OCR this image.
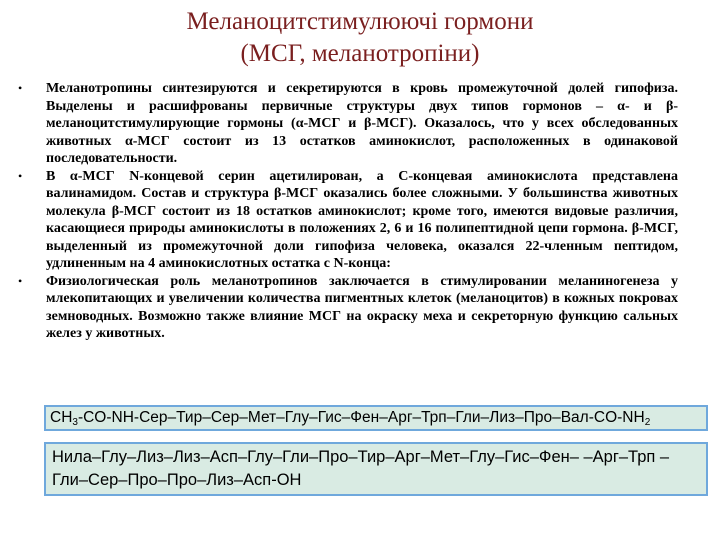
Меланоцитстимулюючі гормони
(МСГ, меланотропіни)
• Меланотропины синтезируются и секретируются в кровь промежуточной долей гипофиза. Выделены и расшифрованы первичные структуры двух типов гормонов – α- и β-меланоцитстимулирующие гормоны (α-МСГ и β-МСГ). Оказалось, что у всех обследованных животных α-МСГ состоит из 13 остатков аминокислот, расположенных в одинаковой последовательности.
• В α-МСГ N-концевой серин ацетилирован, а С-концевая аминокислота представлена валинамидом. Состав и структура β-МСГ оказались более сложными. У большинства животных молекула β-МСГ состоит из 18 остатков аминокислот; кроме того, имеются видовые различия, касающиеся природы аминокислоты в положениях 2, 6 и 16 полипептидной цепи гормона. β-МСГ, выделенный из промежуточной доли гипофиза человека, оказался 22-членным пептидом, удлиненным на 4 аминокислотных остатка с N-конца:
• Физиологическая роль меланотропинов заключается в стимулировании меланиногенеза у млекопитающих и увеличении количества пигментных клеток (меланоцитов) в кожных покровах земноводных. Возможно также влияние МСГ на окраску меха и секреторную функцию сальных желез у животных.
$CH_3-CO-NH-Сер-Тир-Сер-Мет-Глу-Гис-Фен-Арг-Трп-Гли-Лиз-Про-Вал-CO-NH_2$
Нила–Глу–Лиз–Лиз–Асп–Глу–Гли–Про–Тир–Арг–Мет–Глу–Гис–Фен– –Арг–Трп –Гли–Сер–Про–Про–Лиз–Асп-ОН
